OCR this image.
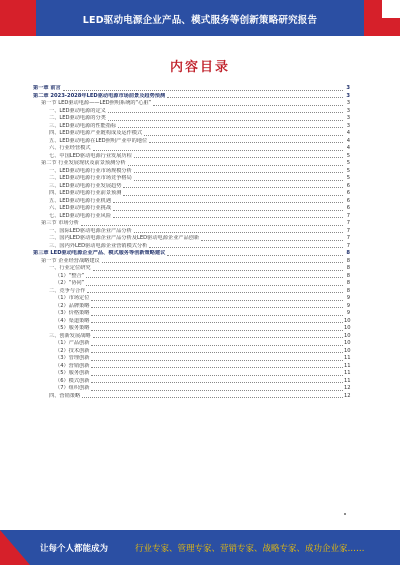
LED驱动电源企业产品、模式服务等创新策略研究报告
内容目录
第一章 前言	3
第二章 2023-2028年LED驱动电源市场前景及趋势预测	3
第一节 LED驱动电源——LED照明系统的“心脏”	3
一、LED驱动电源的定义	3
二、LED驱动电源的分类	3
三、LED驱动电源的性能指标	3
四、LED驱动电源产业链构成及运作模式	4
五、LED驱动电源在LED照明产业中的地位	4
六、行业经营模式	4
七、中国LED驱动电源行业发展历程	5
第二节 行业发展现状及前景预测分析	5
一、LED驱动电源行业市场规模分析	5
二、LED驱动电源行业市场竞争格局	5
三、LED驱动电源行业发展趋势	6
四、LED驱动电源行业前景预测	6
五、LED驱动电源行业机遇	6
六、LED驱动电源行业挑战	6
七、LED驱动电源行业风险	7
第三节 市场分析	7
一、国际LED驱动电源企业产品分析	7
二、国内LED驱动电源企业产品分析及LED驱动电源企业产品创新	7
三、国内外LED驱动电源企业营销模式分析	7
第三章 LED驱动电源企业产品、模式服务等创新策略建议	8
第一节 企业经营战略建议	8
一、行业定位研究	8
（1）“整合”	8
（2）“协同”	8
二、竞争与合作	8
（1）市场定位	9
（2）品牌策略	9
（3）价格策略	9
（4）渠道策略	10
（5）服务策略	10
三、创新发展战略	10
（1）产品创新	10
（2）技术创新	10
（3）管理创新	11
（4）营销创新	11
（5）服务创新	11
（6）模式创新	11
（7）组织创新	12
四、营销策略	12
让每个人都能成为	行业专家、管理专家、营销专家、战略专家、成功企业家……
